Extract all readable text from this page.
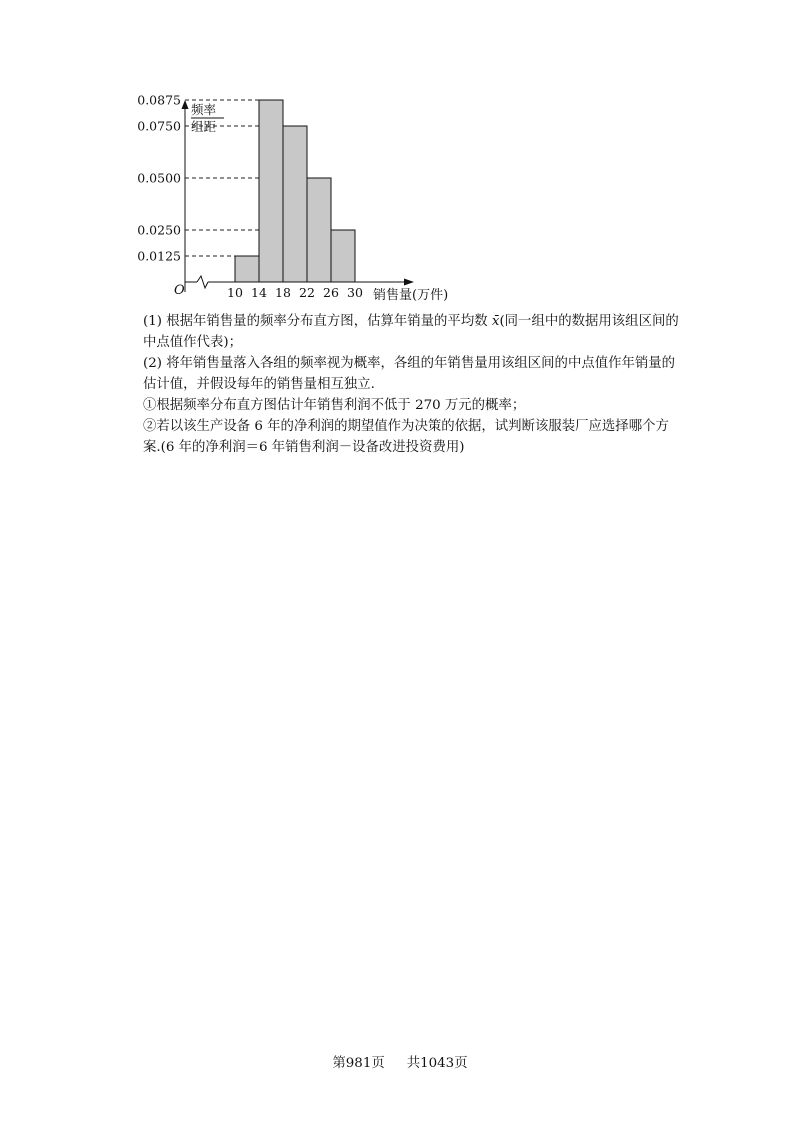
0.0125
0.0250
0.0500
0.0750
0.0875
10 14 18 22 26 30
频率
组距
O	销售量(万件)

(1) 根据年销售量的频率分布直方图，估算年销量的平均数 x̄(同一组中的数据用该组区间的中点值作代表)；

(2) 将年销售量落入各组的频率视为概率，各组的年销售量用该组区间的中点值作年销量的估计值，并假设每年的销售量相互独立.

①根据频率分布直方图估计年销售利润不低于 270 万元的概率；

②若以该生产设备 6 年的净利润的期望值作为决策的依据，试判断该服装厂应选择哪个方案.(6 年的净利润＝6 年销售利润－设备改进投资费用)

第981页 共1043页
